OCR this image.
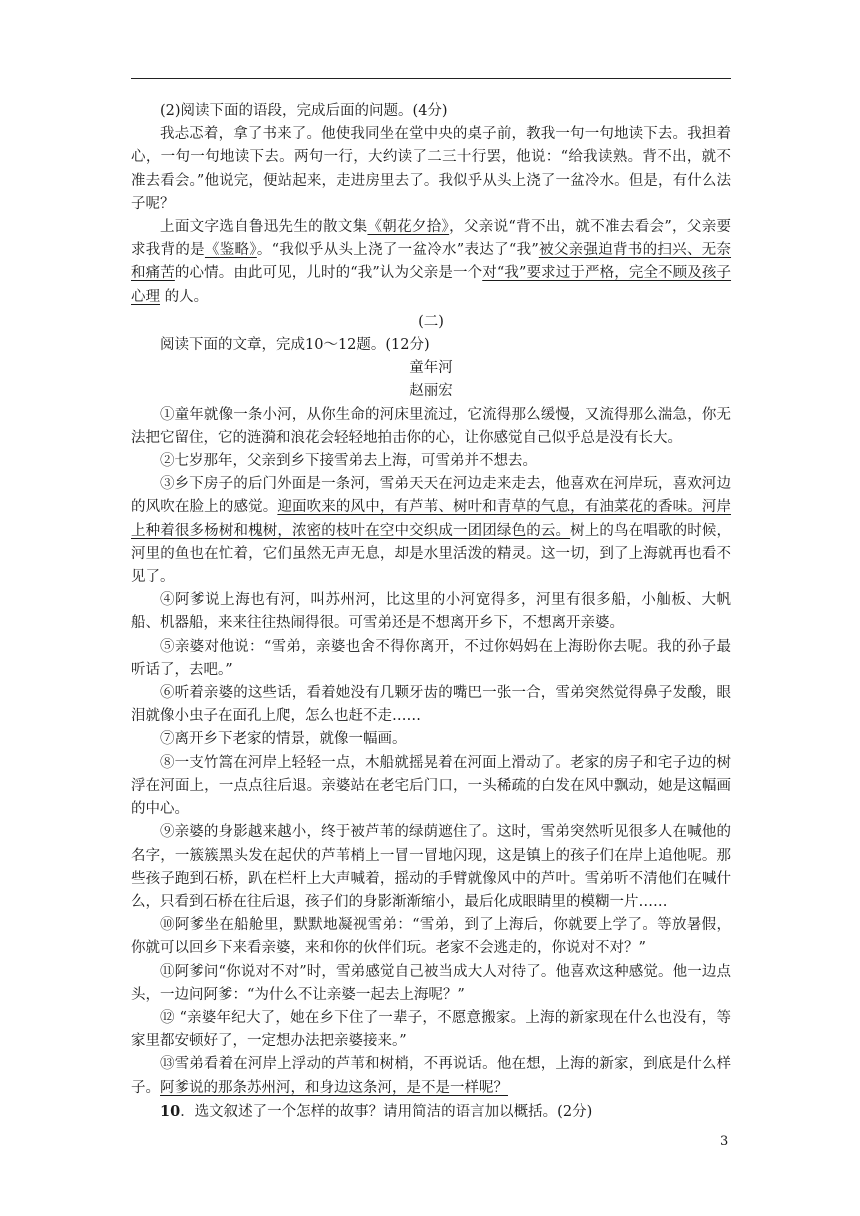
(2)阅读下面的语段，完成后面的问题。(4分)

我忐忑着，拿了书来了。他使我同坐在堂中央的桌子前，教我一句一句地读下去。我担着心，一句一句地读下去。两句一行，大约读了二三十行罢，他说：“给我读熟。背不出，就不准去看会。”他说完，便站起来，走进房里去了。我似乎从头上浇了一盆冷水。但是，有什么法子呢？

上面文字选自鲁迅先生的散文集《朝花夕拾》，父亲说“背不出，就不准去看会”，父亲要求我背的是《鉴略》。“我似乎从头上浇了一盆冷水”表达了“我”被父亲强迫背书的扫兴、无奈和痛苦的心情。由此可见，儿时的“我”认为父亲是一个对“我”要求过于严格，完全不顾及孩子心理 的人。

(二)

阅读下面的文章，完成10～12题。(12分)

童年河

赵丽宏

①童年就像一条小河，从你生命的河床里流过，它流得那么缓慢，又流得那么湍急，你无法把它留住，它的涟漪和浪花会轻轻地拍击你的心，让你感觉自己似乎总是没有长大。

②七岁那年，父亲到乡下接雪弟去上海，可雪弟并不想去。

③乡下房子的后门外面是一条河，雪弟天天在河边走来走去，他喜欢在河岸玩，喜欢河边的风吹在脸上的感觉。迎面吹来的风中，有芦苇、树叶和青草的气息，有油菜花的香味。河岸上种着很多杨树和槐树，浓密的枝叶在空中交织成一团团绿色的云。树上的鸟在唱歌的时候，河里的鱼也在忙着，它们虽然无声无息，却是水里活泼的精灵。这一切，到了上海就再也看不见了。

④阿爹说上海也有河，叫苏州河，比这里的小河宽得多，河里有很多船，小舢板、大帆船、机器船，来来往往热闹得很。可雪弟还是不想离开乡下，不想离开亲婆。

⑤亲婆对他说：“雪弟，亲婆也舍不得你离开，不过你妈妈在上海盼你去呢。我的孙子最听话了，去吧。”

⑥听着亲婆的这些话，看着她没有几颗牙齿的嘴巴一张一合，雪弟突然觉得鼻子发酸，眼泪就像小虫子在面孔上爬，怎么也赶不走……

⑦离开乡下老家的情景，就像一幅画。

⑧一支竹篙在河岸上轻轻一点，木船就摇晃着在河面上滑动了。老家的房子和宅子边的树浮在河面上，一点点往后退。亲婆站在老宅后门口，一头稀疏的白发在风中飘动，她是这幅画的中心。

⑨亲婆的身影越来越小，终于被芦苇的绿荫遮住了。这时，雪弟突然听见很多人在喊他的名字，一簇簇黑头发在起伏的芦苇梢上一冒一冒地闪现，这是镇上的孩子们在岸上追他呢。那些孩子跑到石桥，趴在栏杆上大声喊着，摇动的手臂就像风中的芦叶。雪弟听不清他们在喊什么，只看到石桥在往后退，孩子们的身影渐渐缩小，最后化成眼睛里的模糊一片……

⑩阿爹坐在船舱里，默默地凝视雪弟：“雪弟，到了上海后，你就要上学了。等放暑假，你就可以回乡下来看亲婆，来和你的伙伴们玩。老家不会逃走的，你说对不对？”

⑪阿爹问“你说对不对”时，雪弟感觉自己被当成大人对待了。他喜欢这种感觉。他一边点头，一边问阿爹：“为什么不让亲婆一起去上海呢？”

⑫ “亲婆年纪大了，她在乡下住了一辈子，不愿意搬家。上海的新家现在什么也没有，等家里都安顿好了，一定想办法把亲婆接来。”

⑬雪弟看着在河岸上浮动的芦苇和树梢，不再说话。他在想，上海的新家，到底是什么样子。阿爹说的那条苏州河，和身边这条河，是不是一样呢？

10．选文叙述了一个怎样的故事？请用简洁的语言加以概括。(2分)

3
